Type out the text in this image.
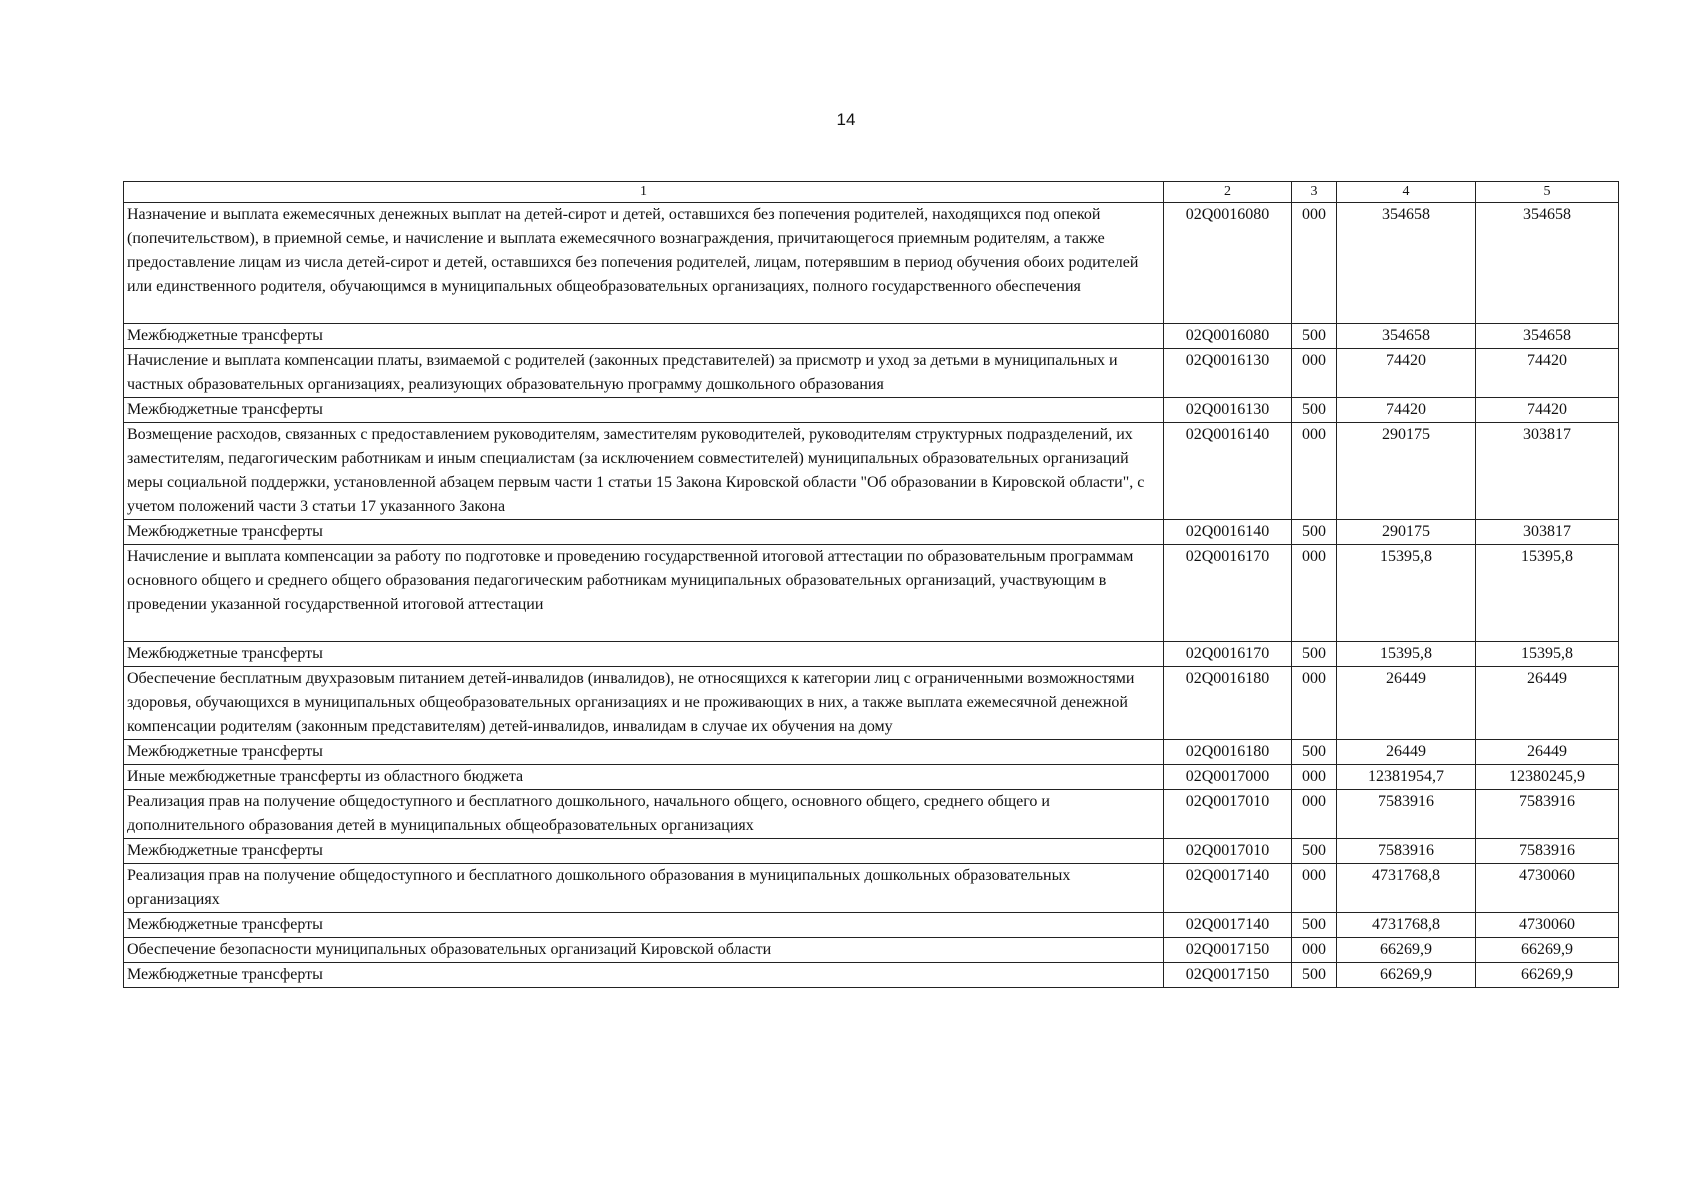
14
1	2	3	4	5
Назначение и выплата ежемесячных денежных выплат на детей-сирот и детей, оставшихся без попечения родителей, находящихся под опекой (попечительством), в приемной семье, и начисление и выплата ежемесячного вознаграждения, причитающегося приемным родителям, а также предоставление лицам из числа детей-сирот и детей, оставшихся без попечения родителей, лицам, потерявшим в период обучения обоих родителей или единственного родителя, обучающимся в муниципальных общеобразовательных организациях, полного государственного обеспечения	02Q0016080	000	354658	354658
Межбюджетные трансферты	02Q0016080	500	354658	354658
Начисление и выплата компенсации платы, взимаемой с родителей (законных представителей) за присмотр и уход за детьми в муниципальных и частных образовательных организациях, реализующих образовательную программу дошкольного образования	02Q0016130	000	74420	74420
Межбюджетные трансферты	02Q0016130	500	74420	74420
Возмещение расходов, связанных с предоставлением руководителям, заместителям руководителей, руководителям структурных подразделений, их заместителям, педагогическим работникам и иным специалистам (за исключением совместителей) муниципальных образовательных организаций меры социальной поддержки, установленной абзацем первым части 1 статьи 15 Закона Кировской области "Об образовании в Кировской области", с учетом положений части 3 статьи 17 указанного Закона	02Q0016140	000	290175	303817
Межбюджетные трансферты	02Q0016140	500	290175	303817
Начисление и выплата компенсации за работу по подготовке и проведению государственной итоговой аттестации по образовательным программам основного общего и среднего общего образования педагогическим работникам муниципальных образовательных организаций, участвующим в проведении указанной государственной итоговой аттестации	02Q0016170	000	15395,8	15395,8
Межбюджетные трансферты	02Q0016170	500	15395,8	15395,8
Обеспечение бесплатным двухразовым питанием детей-инвалидов (инвалидов), не относящихся к категории лиц с ограниченными возможностями здоровья, обучающихся в муниципальных общеобразовательных организациях и не проживающих в них, а также выплата ежемесячной денежной компенсации родителям (законным представителям) детей-инвалидов, инвалидам в случае их обучения на дому	02Q0016180	000	26449	26449
Межбюджетные трансферты	02Q0016180	500	26449	26449
Иные межбюджетные трансферты из областного бюджета	02Q0017000	000	12381954,7	12380245,9
Реализация прав на получение общедоступного и бесплатного дошкольного, начального общего, основного общего, среднего общего и дополнительного образования детей в муниципальных общеобразовательных организациях	02Q0017010	000	7583916	7583916
Межбюджетные трансферты	02Q0017010	500	7583916	7583916
Реализация прав на получение общедоступного и бесплатного дошкольного образования в муниципальных дошкольных образовательных организациях	02Q0017140	000	4731768,8	4730060
Межбюджетные трансферты	02Q0017140	500	4731768,8	4730060
Обеспечение безопасности муниципальных образовательных организаций Кировской области	02Q0017150	000	66269,9	66269,9
Межбюджетные трансферты	02Q0017150	500	66269,9	66269,9
